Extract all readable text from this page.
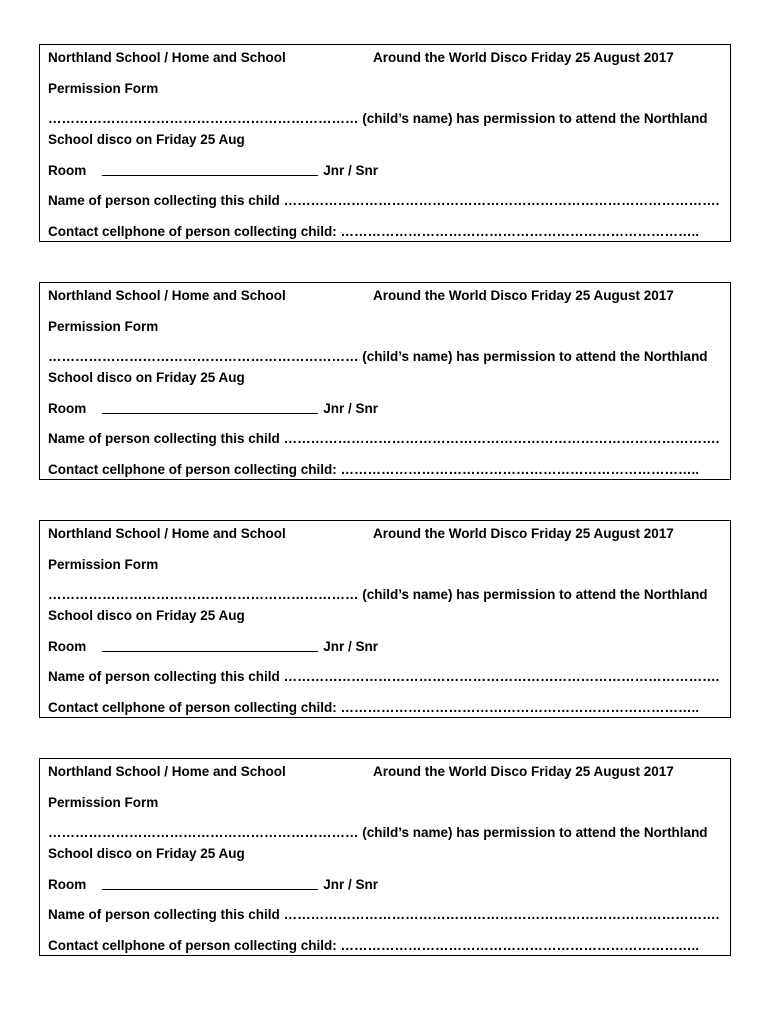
Northland School / Home and School	Around the World Disco Friday 25 August 2017
Permission Form
…………………………………………………………… (child’s name) has permission to attend the Northland School disco on Friday 25 Aug
Room	Jnr / Snr
Name of person collecting this child …………………………………………………………………………………….
Contact cellphone of person collecting child: ……………………………………………………………………..
Northland School / Home and School	Around the World Disco Friday 25 August 2017
Permission Form
…………………………………………………………… (child’s name) has permission to attend the Northland School disco on Friday 25 Aug
Room	Jnr / Snr
Name of person collecting this child …………………………………………………………………………………….
Contact cellphone of person collecting child: ……………………………………………………………………..
Northland School / Home and School	Around the World Disco Friday 25 August 2017
Permission Form
…………………………………………………………… (child’s name) has permission to attend the Northland School disco on Friday 25 Aug
Room	Jnr / Snr
Name of person collecting this child …………………………………………………………………………………….
Contact cellphone of person collecting child: ……………………………………………………………………..
Northland School / Home and School	Around the World Disco Friday 25 August 2017
Permission Form
…………………………………………………………… (child’s name) has permission to attend the Northland School disco on Friday 25 Aug
Room	Jnr / Snr
Name of person collecting this child …………………………………………………………………………………….
Contact cellphone of person collecting child: ……………………………………………………………………..
